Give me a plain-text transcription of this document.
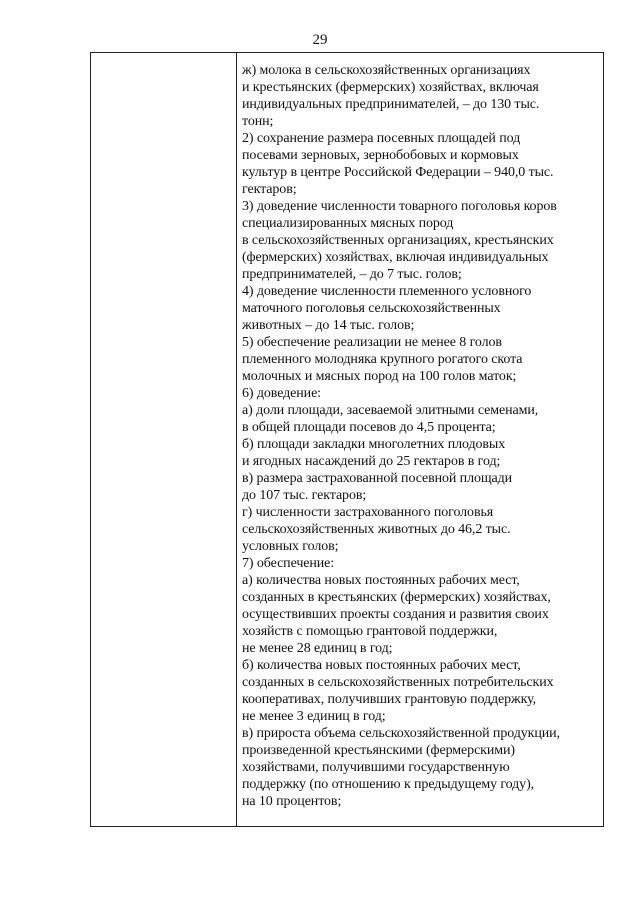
29
ж) молока в сельскохозяйственных организациях
и крестьянских (фермерских) хозяйствах, включая
индивидуальных предпринимателей, – до 130 тыс.
тонн;
2) сохранение размера посевных площадей под
посевами зерновых, зернобобовых и кормовых
культур в центре Российской Федерации – 940,0 тыс.
гектаров;
3) доведение численности товарного поголовья коров
специализированных мясных пород
в сельскохозяйственных организациях, крестьянских
(фермерских) хозяйствах, включая индивидуальных
предпринимателей, – до 7 тыс. голов;
4) доведение численности племенного условного
маточного поголовья сельскохозяйственных
животных – до 14 тыс. голов;
5) обеспечение реализации не менее 8 голов
племенного молодняка крупного рогатого скота
молочных и мясных пород на 100 голов маток;
6) доведение:
а) доли площади, засеваемой элитными семенами,
в общей площади посевов до 4,5 процента;
б) площади закладки многолетних плодовых
и ягодных насаждений до 25 гектаров в год;
в) размера застрахованной посевной площади
до 107 тыс. гектаров;
г) численности застрахованного поголовья
сельскохозяйственных животных до 46,2 тыс.
условных голов;
7) обеспечение:
а) количества новых постоянных рабочих мест,
созданных в крестьянских (фермерских) хозяйствах,
осуществивших проекты создания и развития своих
хозяйств с помощью грантовой поддержки,
не менее 28 единиц в год;
б) количества новых постоянных рабочих мест,
созданных в сельскохозяйственных потребительских
кооперативах, получивших грантовую поддержку,
не менее 3 единиц в год;
в) прироста объема сельскохозяйственной продукции,
произведенной крестьянскими (фермерскими)
хозяйствами, получившими государственную
поддержку (по отношению к предыдущему году),
на 10 процентов;
